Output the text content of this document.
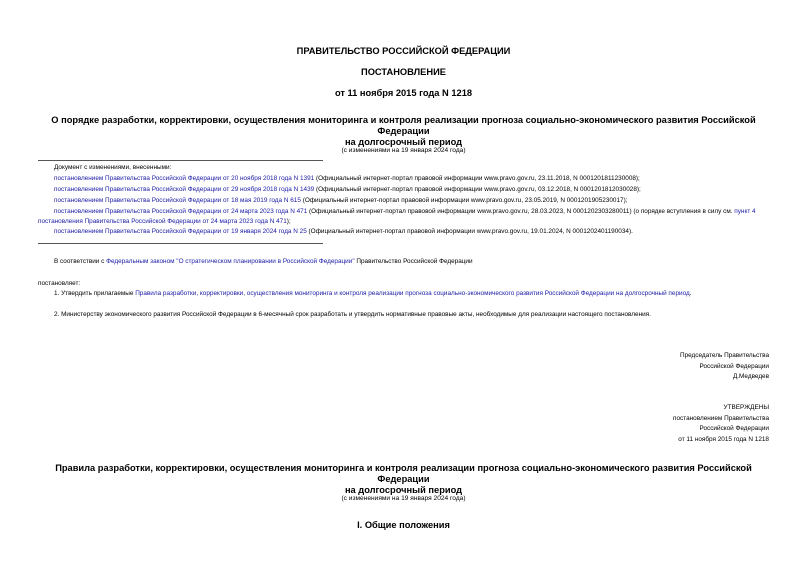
ПРАВИТЕЛЬСТВО РОССИЙСКОЙ ФЕДЕРАЦИИ
ПОСТАНОВЛЕНИЕ
от 11 ноября 2015 года N 1218
О порядке разработки, корректировки, осуществления мониторинга и контроля реализации прогноза социально-экономического развития Российской Федерации
на долгосрочный период
(с изменениями на 19 января 2024 года)
Документ с изменениями, внесенными:
постановлением Правительства Российской Федерации от 20 ноября 2018 года N 1391 (Официальный интернет-портал правовой информации www.pravo.gov.ru, 23.11.2018, N 0001201811230008);
постановлением Правительства Российской Федерации от 29 ноября 2018 года N 1439 (Официальный интернет-портал правовой информации www.pravo.gov.ru, 03.12.2018, N 0001201812030028);
постановлением Правительства Российской Федерации от 18 мая 2019 года N 615 (Официальный интернет-портал правовой информации www.pravo.gov.ru, 23.05.2019, N 0001201905230017);
постановлением Правительства Российской Федерации от 24 марта 2023 года N 471 (Официальный интернет-портал правовой информации www.pravo.gov.ru, 28.03.2023, N 0001202303280011) (о порядке вступления в силу см. пункт 4 постановления Правительства Российской Федерации от 24 марта 2023 года N 471);
постановлением Правительства Российской Федерации от 19 января 2024 года N 25 (Официальный интернет-портал правовой информации www.pravo.gov.ru, 19.01.2024, N 0001202401190034).
В соответствии с Федеральным законом "О стратегическом планировании в Российской Федерации" Правительство Российской Федерации
постановляет:
1. Утвердить прилагаемые Правила разработки, корректировки, осуществления мониторинга и контроля реализации прогноза социально-экономического развития Российской Федерации на долгосрочный период.
2. Министерству экономического развития Российской Федерации в 6-месячный срок разработать и утвердить нормативные правовые акты, необходимые для реализации настоящего постановления.
Председатель Правительства
Российской Федерации
Д.Медведев
УТВЕРЖДЕНЫ
постановлением Правительства
Российской Федерации
от 11 ноября 2015 года N 1218
Правила разработки, корректировки, осуществления мониторинга и контроля реализации прогноза социально-экономического развития Российской Федерации
на долгосрочный период
(с изменениями на 19 января 2024 года)
I. Общие положения
